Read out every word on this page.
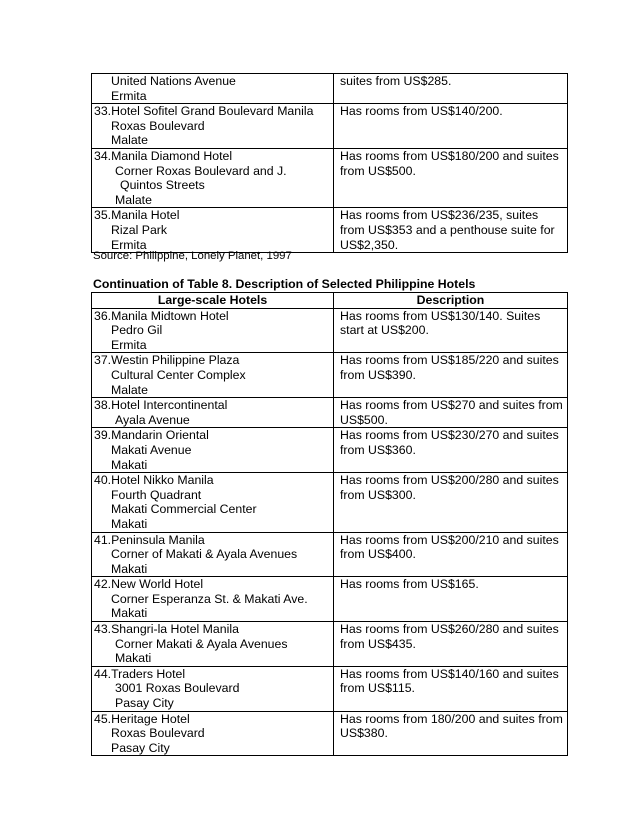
United Nations Avenue
Ermita	suites from US$285.

33.Hotel Sofitel Grand Boulevard Manila
Roxas Boulevard
Malate	Has rooms from US$140/200.

34.Manila Diamond Hotel
Corner Roxas Boulevard and J.
Quintos Streets
Malate	Has rooms from US$180/200 and suites from US$500.

35.Manila Hotel
Rizal Park
Ermita	Has rooms from US$236/235, suites from US$353 and a penthouse suite for US$2,350.
Source: Philippine, Lonely Planet, 1997
Continuation of Table 8. Description of Selected Philippine Hotels
Large-scale Hotels	Description

36.Manila Midtown Hotel
Pedro Gil
Ermita	Has rooms from US$130/140. Suites start at US$200.

37.Westin Philippine Plaza
Cultural Center Complex
Malate	Has rooms from US$185/220 and suites from US$390.

38.Hotel Intercontinental
Ayala Avenue	Has rooms from US$270 and suites from US$500.

39.Mandarin Oriental
Makati Avenue
Makati	Has rooms from US$230/270 and suites from US$360.

40.Hotel Nikko Manila
Fourth Quadrant
Makati Commercial Center
Makati	Has rooms from US$200/280 and suites from US$300.

41.Peninsula Manila
Corner of Makati & Ayala Avenues
Makati	Has rooms from US$200/210 and suites from US$400.

42.New World Hotel
Corner Esperanza St. & Makati Ave.
Makati	Has rooms from US$165.

43.Shangri-la Hotel Manila
Corner Makati & Ayala Avenues
Makati	Has rooms from US$260/280 and suites from US$435.

44.Traders Hotel
3001 Roxas Boulevard
Pasay City	Has rooms from US$140/160 and suites from US$115.

45.Heritage Hotel
Roxas Boulevard
Pasay City	Has rooms from 180/200 and suites from US$380.
